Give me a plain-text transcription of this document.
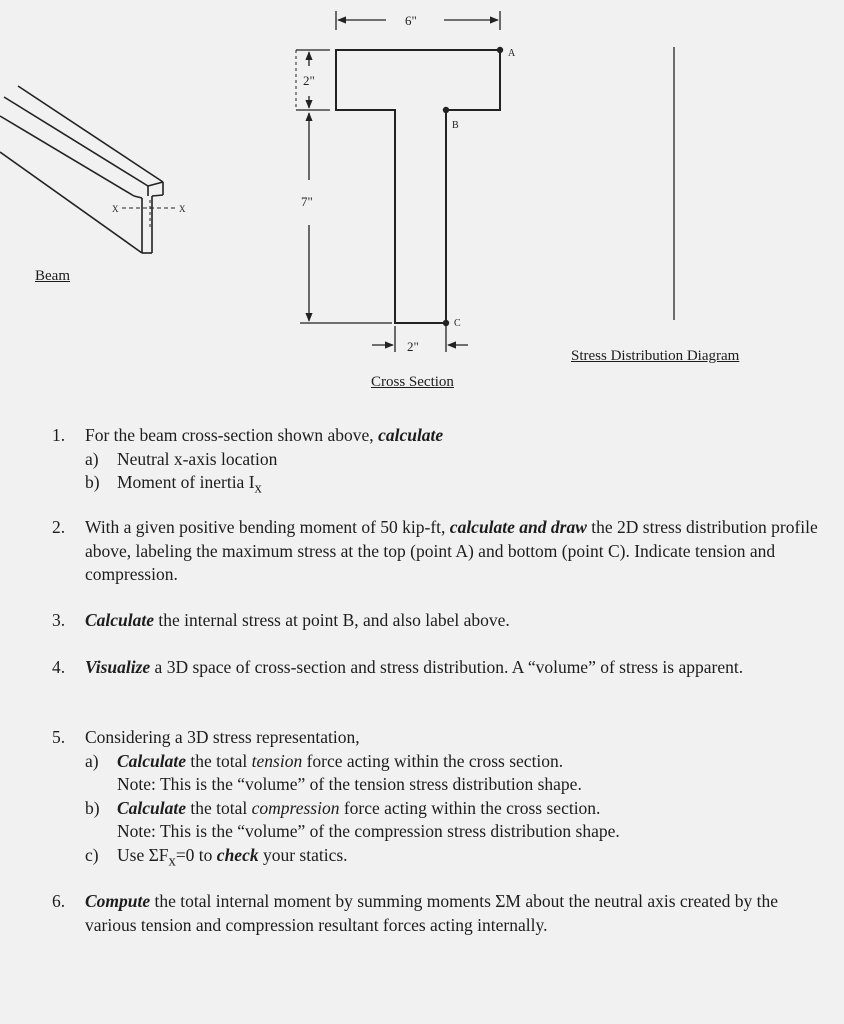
X	X
A
B
C
6"
2"
7"
2"
Beam
Cross Section
Stress Distribution Diagram
1. For the beam cross-section shown above, calculate
a) Neutral x-axis location
b) Moment of inertia $I_x$
2. With a given positive bending moment of 50 kip-ft, calculate and draw the 2D stress distribution profile above, labeling the maximum stress at the top (point A) and bottom (point C). Indicate tension and compression.
3. Calculate the internal stress at point B, and also label above.
4. Visualize a 3D space of cross-section and stress distribution. A “volume” of stress is apparent.
5. Considering a 3D stress representation,
a) Calculate the total tension force acting within the cross section.
Note: This is the “volume” of the tension stress distribution shape.
b) Calculate the total compression force acting within the cross section.
Note: This is the “volume” of the compression stress distribution shape.
c) Use $\Sigma F_x=0$ to check your statics.
6. Compute the total internal moment by summing moments ΣM about the neutral axis created by the various tension and compression resultant forces acting internally.
